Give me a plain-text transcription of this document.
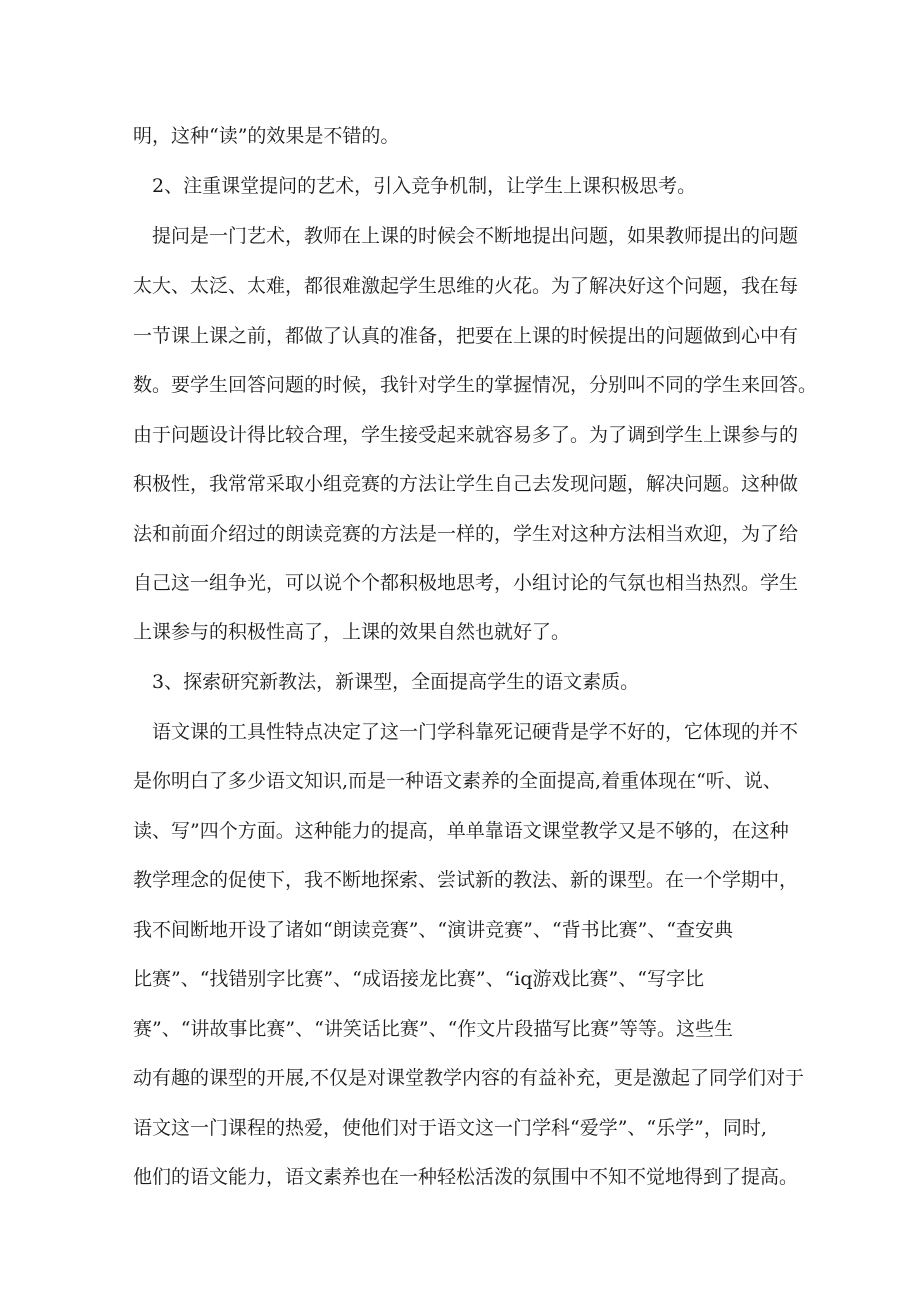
明，这种“读”的效果是不错的。
2、注重课堂提问的艺术，引入竞争机制，让学生上课积极思考。
提问是一门艺术，教师在上课的时候会不断地提出问题，如果教师提出的问题
太大、太泛、太难，都很难激起学生思维的火花。为了解决好这个问题，我在每
一节课上课之前，都做了认真的准备，把要在上课的时候提出的问题做到心中有
数。要学生回答问题的时候，我针对学生的掌握情况，分别叫不同的学生来回答。
由于问题设计得比较合理，学生接受起来就容易多了。为了调到学生上课参与的
积极性，我常常采取小组竞赛的方法让学生自己去发现问题，解决问题。这种做
法和前面介绍过的朗读竞赛的方法是一样的，学生对这种方法相当欢迎，为了给
自己这一组争光，可以说个个都积极地思考，小组讨论的气氛也相当热烈。学生
上课参与的积极性高了，上课的效果自然也就好了。
3、探索研究新教法，新课型，全面提高学生的语文素质。
语文课的工具性特点决定了这一门学科靠死记硬背是学不好的，它体现的并不
是你明白了多少语文知识,而是一种语文素养的全面提高,着重体现在“听、说、
读、写”四个方面。这种能力的提高，单单靠语文课堂教学又是不够的，在这种
教学理念的促使下，我不断地探索、尝试新的教法、新的课型。在一个学期中，
我不间断地开设了诸如“朗读竞赛”、“演讲竞赛”、“背书比赛”、“查安典
比赛”、“找错别字比赛”、“成语接龙比赛”、“iq游戏比赛”、“写字比
赛”、“讲故事比赛”、“讲笑话比赛”、“作文片段描写比赛”等等。这些生
动有趣的课型的开展,不仅是对课堂教学内容的有益补充，更是激起了同学们对于
语文这一门课程的热爱，使他们对于语文这一门学科“爱学”、“乐学”，同时,
他们的语文能力，语文素养也在一种轻松活泼的氛围中不知不觉地得到了提高。
